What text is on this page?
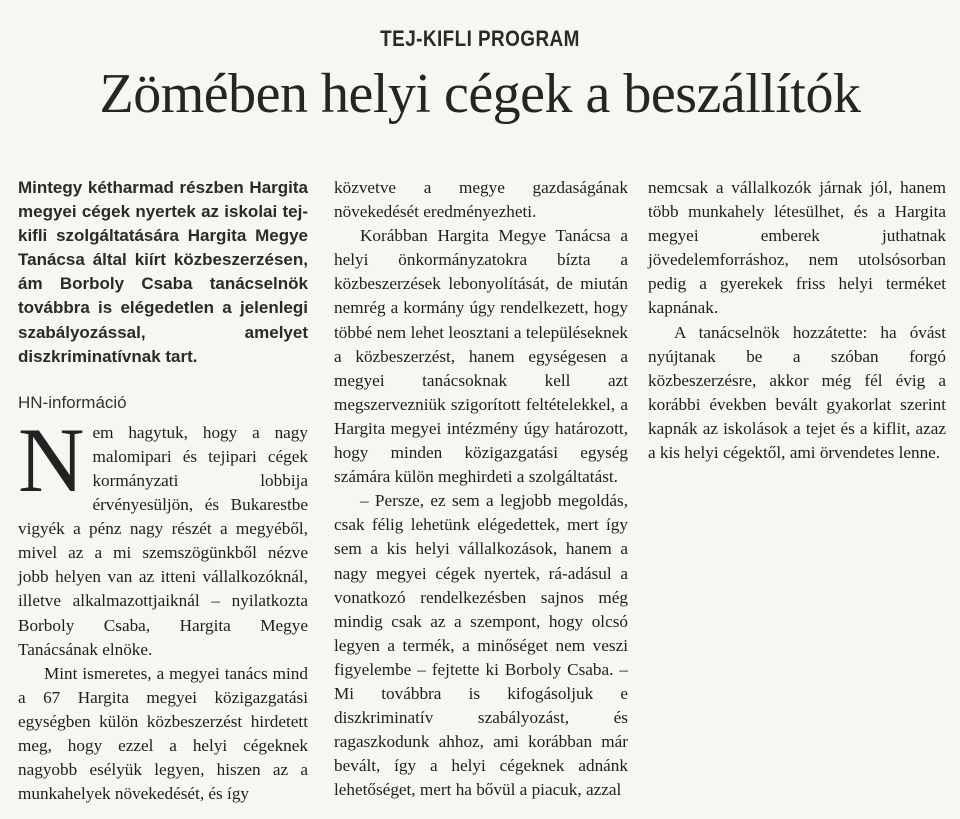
TEJ-KIFLI PROGRAM
Zömében helyi cégek a beszállítók

Mintegy kétharmad részben Hargita megyei cégek nyertek az iskolai tej-kifli szolgáltatására Hargita Megye Tanácsa által kiírt közbeszerzésen, ám Borboly Csaba tanácselnök továbbra is elégedetlen a jelenlegi szabályozással, amelyet diszkriminatívnak tart.

HN-információ

Nem hagytuk, hogy a nagy malomipari és tejipari cégek kormányzati lobbija érvényesüljön, és Bukarestbe vigyék a pénz nagy részét a megyéből, mivel az a mi szemszögünkből nézve jobb helyen van az itteni vállalkozóknál, illetve alkalmazottjaiknál – nyilatkozta Borboly Csaba, Hargita Megye Tanácsának elnöke.

Mint ismeretes, a megyei tanács mind a 67 Hargita megyei közigazgatási egységben külön közbeszerzést hirdetett meg, hogy ezzel a helyi cégeknek nagyobb esélyük legyen, hiszen az a munkahelyek növekedését, és így

közvetve a megye gazdaságának növekedését eredményezheti.

Korábban Hargita Megye Tanácsa a helyi önkormányzatokra bízta a közbeszerzések lebonyolítását, de miután nemrég a kormány úgy rendelkezett, hogy többé nem lehet leosztani a településeknek a közbeszerzést, hanem egységesen a megyei tanácsoknak kell azt megszervezniük szigorított feltételekkel, a Hargita megyei intézmény úgy határozott, hogy minden közigazgatási egység számára külön meghirdeti a szolgáltatást.

– Persze, ez sem a legjobb megoldás, csak félig lehetünk elégedettek, mert így sem a kis helyi vállalkozások, hanem a nagy megyei cégek nyertek, rá-adásul a vonatkozó rendelkezésben sajnos még mindig csak az a szempont, hogy olcsó legyen a termék, a minőséget nem veszi figyelembe – fejtette ki Borboly Csaba. – Mi továbbra is kifogásoljuk e diszkriminatív szabályozást, és ragaszkodunk ahhoz, ami korábban már bevált, így a helyi cégeknek adnánk lehetőséget, mert ha bővül a piacuk, azzal

nemcsak a vállalkozók járnak jól, hanem több munkahely létesülhet, és a Hargita megyei emberek juthatnak jövedelemforráshoz, nem utolsósorban pedig a gyerekek friss helyi terméket kapnának.

A tanácselnök hozzátette: ha óvást nyújtanak be a szóban forgó közbeszerzésre, akkor még fél évig a korábbi években bevált gyakorlat szerint kapnák az iskolások a tejet és a kiflit, azaz a kis helyi cégektől, ami örvendetes lenne.
